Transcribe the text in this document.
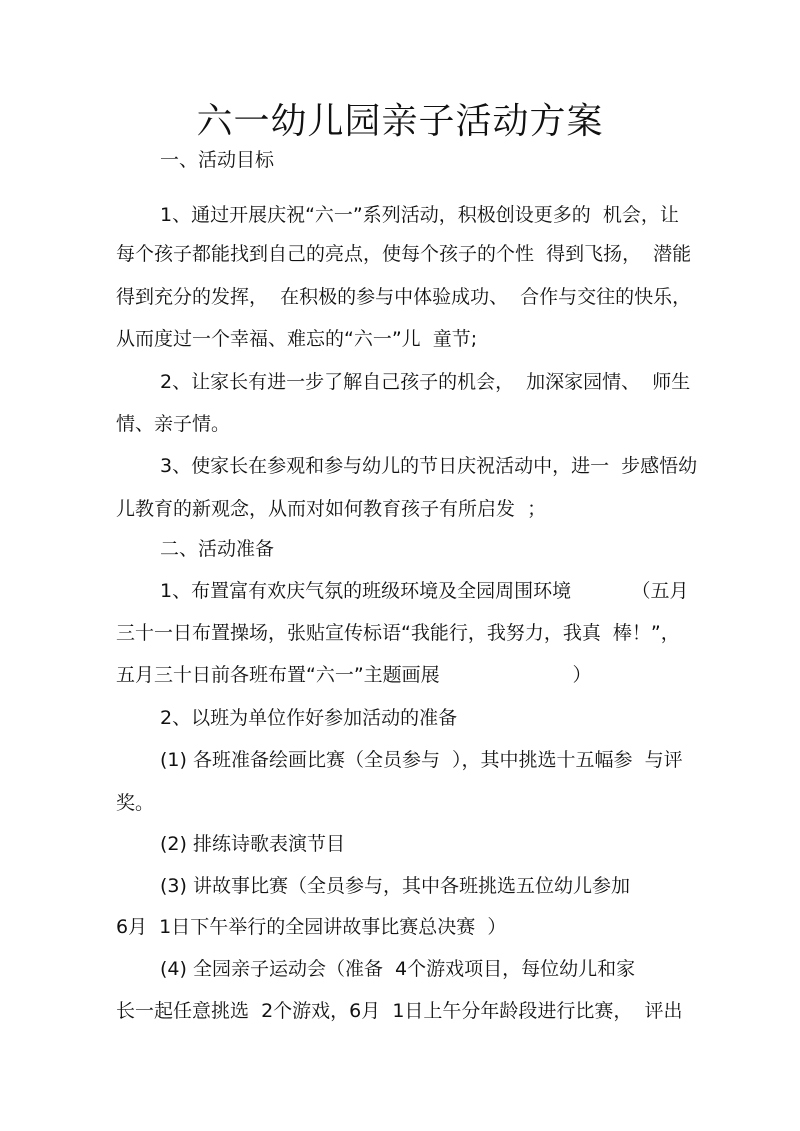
六一幼儿园亲子活动方案
一、活动目标
1、通过开展庆祝“六一”系列活动，积极创设更多的  机会，让
每个孩子都能找到自己的亮点，使每个孩子的个性  得到飞扬，  潜能
得到充分的发挥，  在积极的参与中体验成功、  合作与交往的快乐，
从而度过一个幸福、难忘的“六一”儿  童节;
2、让家长有进一步了解自己孩子的机会，  加深家园情、  师生
情、亲子情。
3、使家长在参观和参与幼儿的节日庆祝活动中，进一  步感悟幼
儿教育的新观念，从而对如何教育孩子有所启发  ；
二、活动准备
1、布置富有欢庆气氛的班级环境及全园周围环境          （五月
三十一日布置操场，张贴宣传标语“我能行，我努力，我真  棒！”，
五月三十日前各班布置“六一”主题画展                      ）
2、以班为单位作好参加活动的准备
(1) 各班准备绘画比赛（全员参与  ），其中挑选十五幅参  与评
奖。
(2) 排练诗歌表演节目
(3) 讲故事比赛（全员参与，其中各班挑选五位幼儿参加
6月  1日下午举行的全园讲故事比赛总决赛  ）
(4) 全园亲子运动会（准备  4个游戏项目，每位幼儿和家
长一起任意挑选  2个游戏，6月  1日上午分年龄段进行比赛，  评出
